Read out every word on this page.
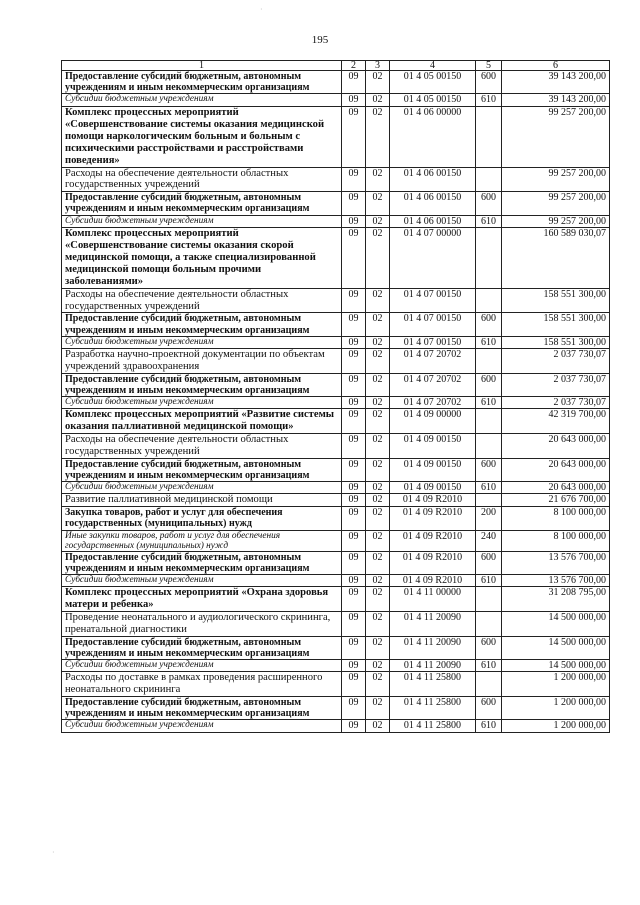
195
1	2	3	4	5	6
Предоставление субсидий бюджетным, автономным учреждениям и иным некоммерческим организациям	09	02	01 4 05 00150	600	39 143 200,00
Субсидии бюджетным учреждениям	09	02	01 4 05 00150	610	39 143 200,00
Комплекс процессных мероприятий «Совершенствование системы оказания медицинской помощи наркологическим больным и больным с психическими расстройствами и расстройствами поведения»	09	02	01 4 06 00000		99 257 200,00
Расходы на обеспечение деятельности областных государственных учреждений	09	02	01 4 06 00150		99 257 200,00
Предоставление субсидий бюджетным, автономным учреждениям и иным некоммерческим организациям	09	02	01 4 06 00150	600	99 257 200,00
Субсидии бюджетным учреждениям	09	02	01 4 06 00150	610	99 257 200,00
Комплекс процессных мероприятий «Совершенствование системы оказания скорой медицинской помощи, а также специализированной медицинской помощи больным прочими заболеваниями»	09	02	01 4 07 00000		160 589 030,07
Расходы на обеспечение деятельности областных государственных учреждений	09	02	01 4 07 00150		158 551 300,00
Предоставление субсидий бюджетным, автономным учреждениям и иным некоммерческим организациям	09	02	01 4 07 00150	600	158 551 300,00
Субсидии бюджетным учреждениям	09	02	01 4 07 00150	610	158 551 300,00
Разработка научно-проектной документации по объектам учреждений здравоохранения	09	02	01 4 07 20702		2 037 730,07
Предоставление субсидий бюджетным, автономным учреждениям и иным некоммерческим организациям	09	02	01 4 07 20702	600	2 037 730,07
Субсидии бюджетным учреждениям	09	02	01 4 07 20702	610	2 037 730,07
Комплекс процессных мероприятий «Развитие системы оказания паллиативной медицинской помощи»	09	02	01 4 09 00000		42 319 700,00
Расходы на обеспечение деятельности областных государственных учреждений	09	02	01 4 09 00150		20 643 000,00
Предоставление субсидий бюджетным, автономным учреждениям и иным некоммерческим организациям	09	02	01 4 09 00150	600	20 643 000,00
Субсидии бюджетным учреждениям	09	02	01 4 09 00150	610	20 643 000,00
Развитие паллиативной медицинской помощи	09	02	01 4 09 R2010		21 676 700,00
Закупка товаров, работ и услуг для обеспечения государственных (муниципальных) нужд	09	02	01 4 09 R2010	200	8 100 000,00
Иные закупки товаров, работ и услуг для обеспечения государственных (муниципальных) нужд	09	02	01 4 09 R2010	240	8 100 000,00
Предоставление субсидий бюджетным, автономным учреждениям и иным некоммерческим организациям	09	02	01 4 09 R2010	600	13 576 700,00
Субсидии бюджетным учреждениям	09	02	01 4 09 R2010	610	13 576 700,00
Комплекс процессных мероприятий «Охрана здоровья матери и ребенка»	09	02	01 4 11 00000		31 208 795,00
Проведение неонатального и аудиологического скрининга, пренатальной диагностики	09	02	01 4 11 20090		14 500 000,00
Предоставление субсидий бюджетным, автономным учреждениям и иным некоммерческим организациям	09	02	01 4 11 20090	600	14 500 000,00
Субсидии бюджетным учреждениям	09	02	01 4 11 20090	610	14 500 000,00
Расходы по доставке в рамках проведения расширенного неонатального скрининга	09	02	01 4 11 25800		1 200 000,00
Предоставление субсидий бюджетным, автономным учреждениям и иным некоммерческим организациям	09	02	01 4 11 25800	600	1 200 000,00
Субсидии бюджетным учреждениям	09	02	01 4 11 25800	610	1 200 000,00
·
·
